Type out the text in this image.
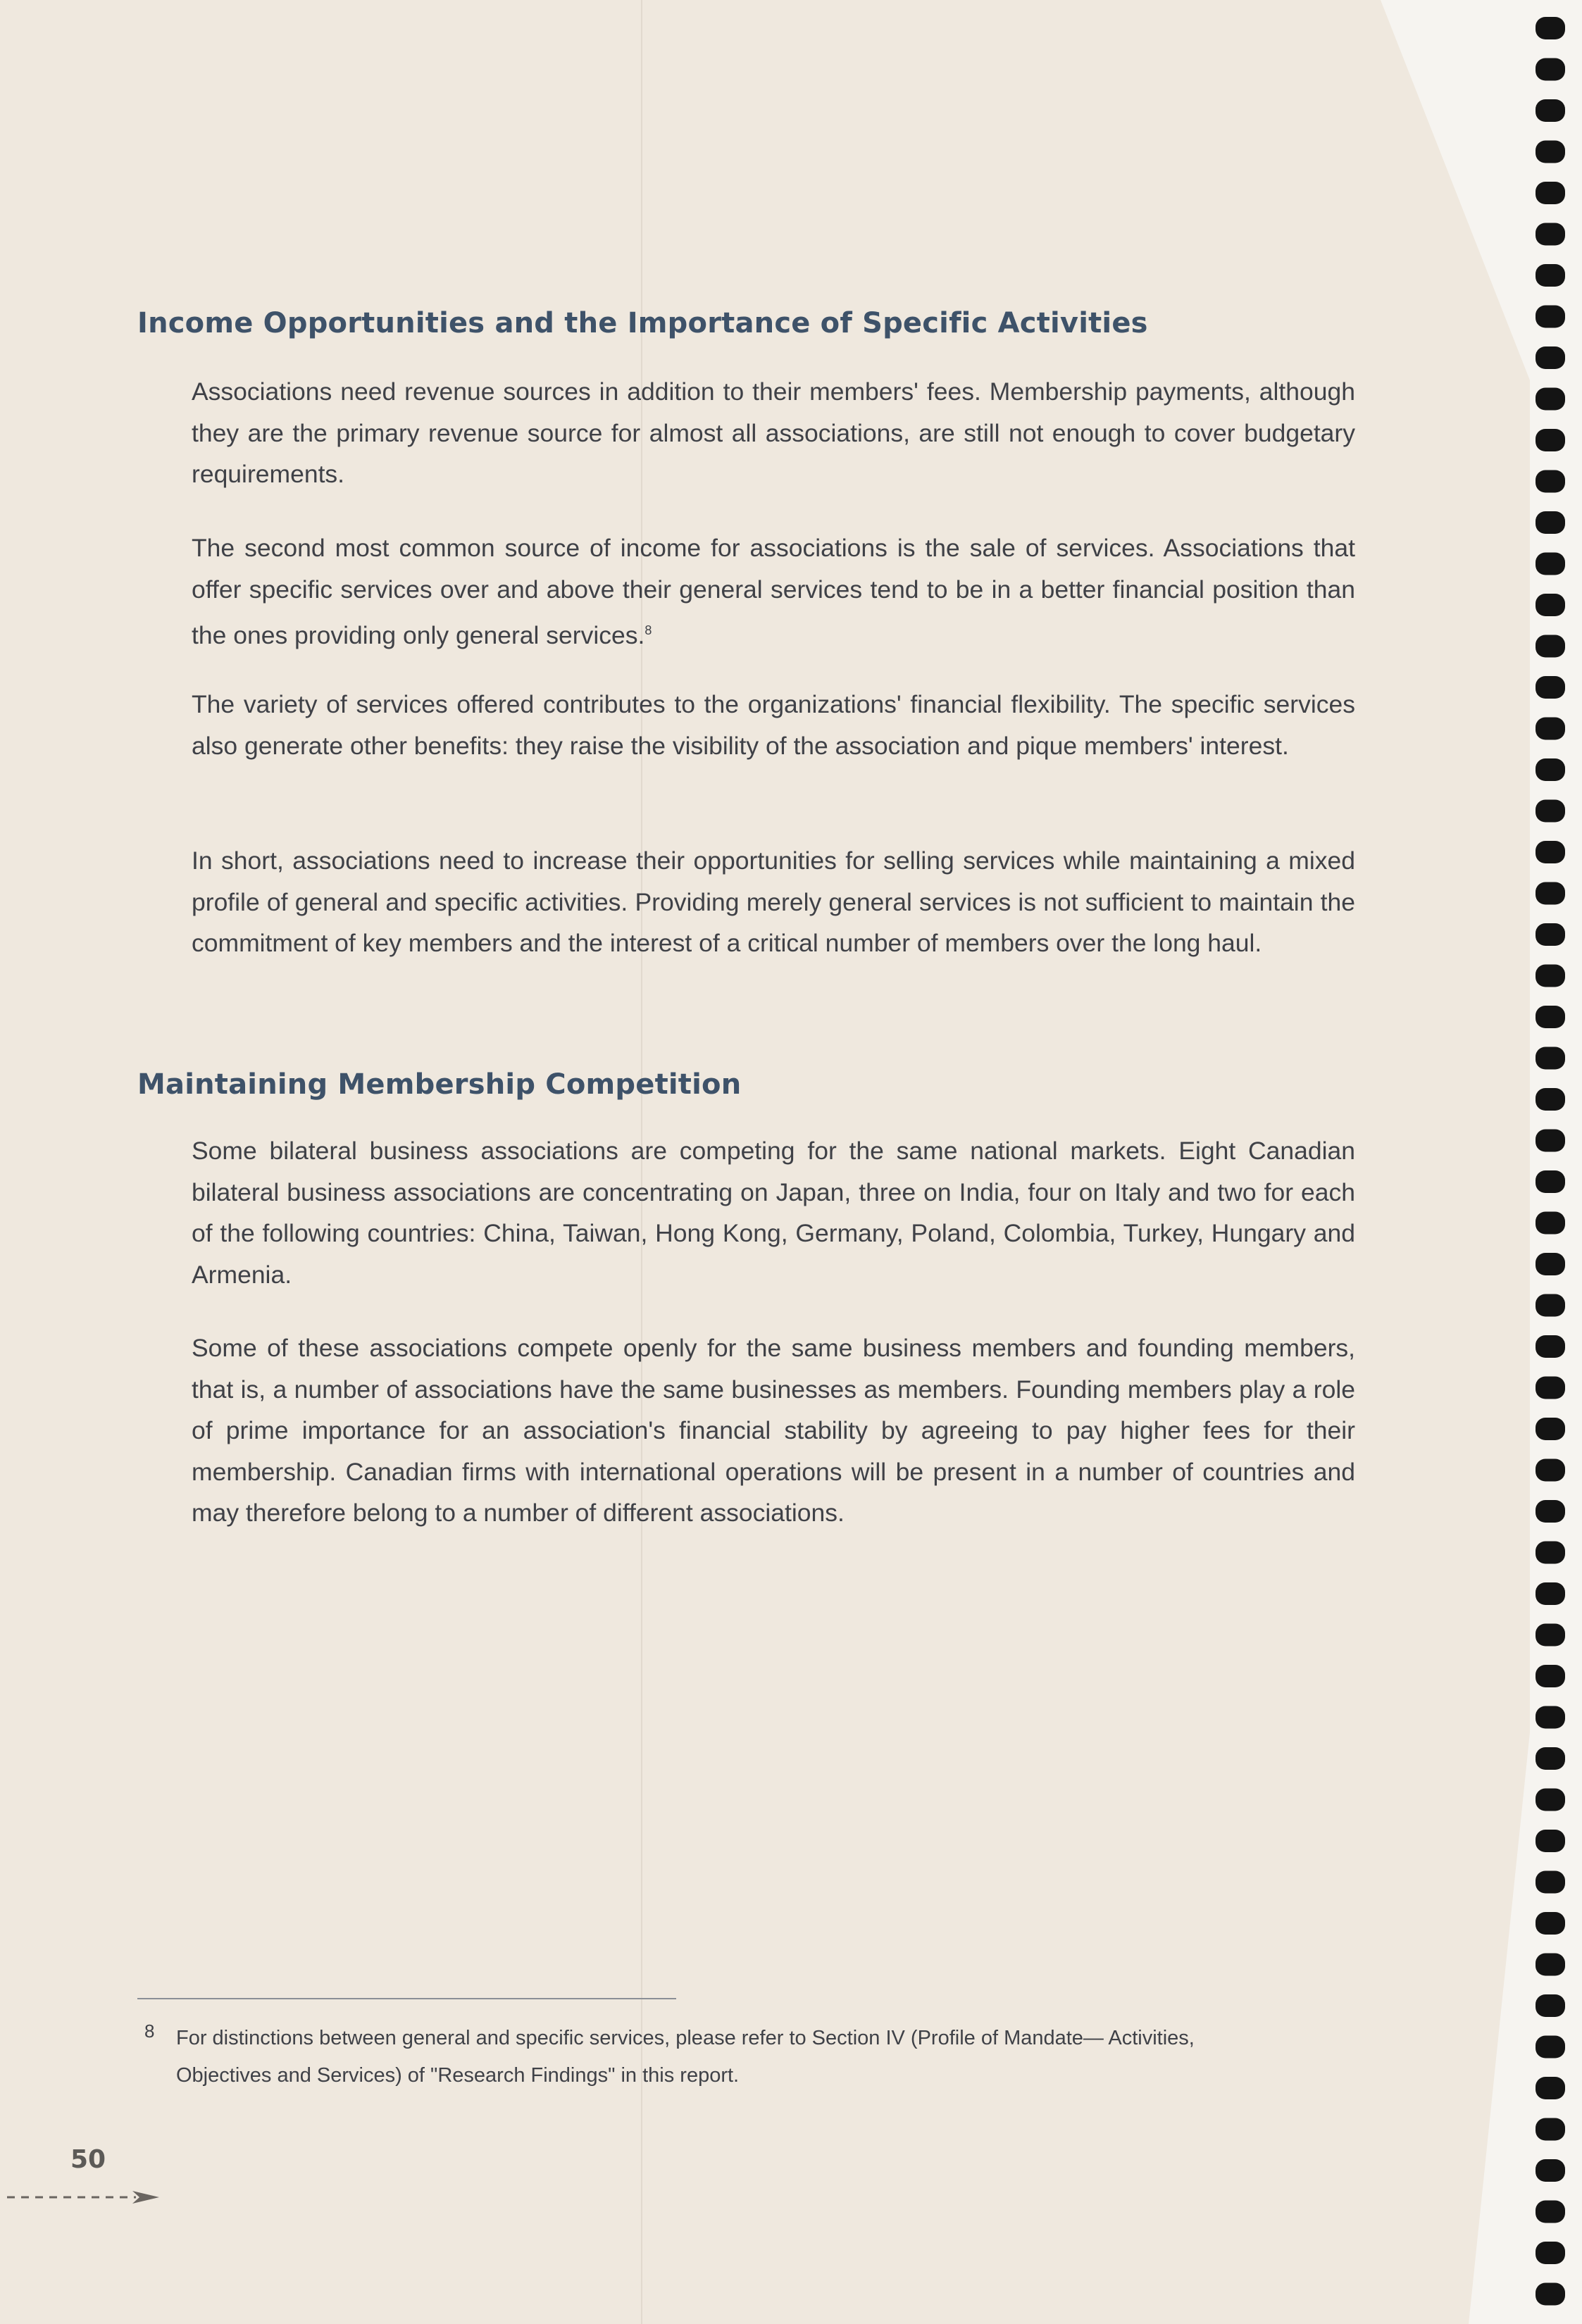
Income Opportunities and the Importance of Specific Activities

Associations need revenue sources in addition to their members' fees. Membership payments, although they are the primary revenue source for almost all associations, are still not enough to cover budgetary requirements.

The second most common source of income for associations is the sale of services. Associations that offer specific services over and above their general services tend to be in a better financial position than the ones providing only general services.$^8$

The variety of services offered contributes to the organizations' financial flexibility. The specific services also generate other benefits: they raise the visibility of the association and pique members' interest.

In short, associations need to increase their opportunities for selling services while maintaining a mixed profile of general and specific activities. Providing merely general services is not sufficient to maintain the commitment of key members and the interest of a critical number of members over the long haul.

Maintaining Membership Competition

Some bilateral business associations are competing for the same national markets. Eight Canadian bilateral business associations are concentrating on Japan, three on India, four on Italy and two for each of the following countries: China, Taiwan, Hong Kong, Germany, Poland, Colombia, Turkey, Hungary and Armenia.

Some of these associations compete openly for the same business members and founding members, that is, a number of associations have the same businesses as members. Founding members play a role of prime importance for an association's financial stability by agreeing to pay higher fees for their membership. Canadian firms with international operations will be present in a number of countries and may therefore belong to a number of different associations.

8 For distinctions between general and specific services, please refer to Section IV (Profile of Mandate— Activities, Objectives and Services) of "Research Findings" in this report.

50
